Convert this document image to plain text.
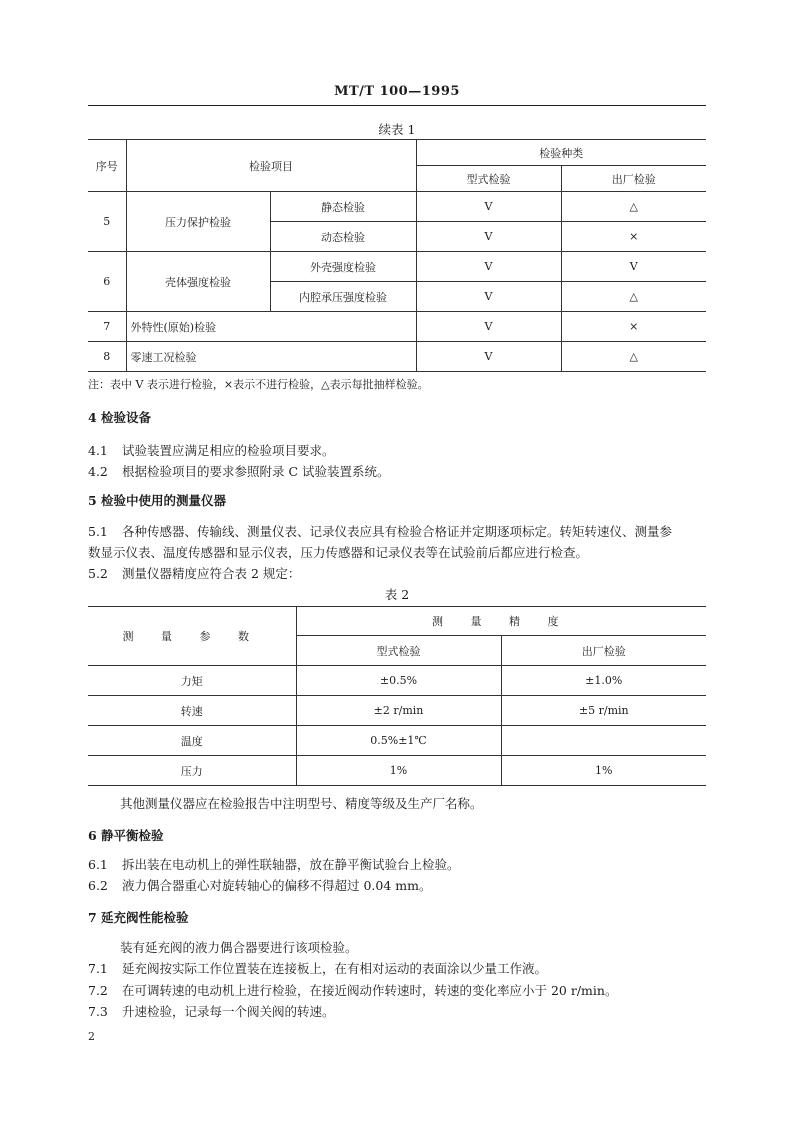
MT/T 100—1995
续表 1
序号	检验项目		检验种类	
			型式检验	出厂检验
5	压力保护检验	静态检验	V	△
		动态检验	V	×
6	壳体强度检验	外壳强度检验	V	V
		内腔承压强度检验	V	△
7	外特性(原始)检验		V	×
8	零速工况检验		V	△
注：表中 V 表示进行检验，×表示不进行检验，△表示每批抽样检验。
4 检验设备
4.1 试验装置应满足相应的检验项目要求。
4.2 根据检验项目的要求参照附录 C 试验装置系统。
5 检验中使用的测量仪器
5.1 各种传感器、传输线、测量仪表、记录仪表应具有检验合格证并定期逐项标定。转矩转速仪、测量参
数显示仪表、温度传感器和显示仪表，压力传感器和记录仪表等在试验前后都应进行检查。
5.2 测量仪器精度应符合表 2 规定：
表 2
测 量 参 数	测 量 精 度	
	型式检验	出厂检验
力矩	±0.5%	±1.0%
转速	±2 r/min	±5 r/min
温度	0.5%±1℃	
压力	1%	1%
其他测量仪器应在检验报告中注明型号、精度等级及生产厂名称。
6 静平衡检验
6.1 拆出装在电动机上的弹性联轴器，放在静平衡试验台上检验。
6.2 液力偶合器重心对旋转轴心的偏移不得超过 0.04 mm。
7 延充阀性能检验
装有延充阀的液力偶合器要进行该项检验。
7.1 延充阀按实际工作位置装在连接板上，在有相对运动的表面涂以少量工作液。
7.2 在可调转速的电动机上进行检验，在接近阀动作转速时，转速的变化率应小于 20 r/min。
7.3 升速检验，记录每一个阀关阀的转速。
2
